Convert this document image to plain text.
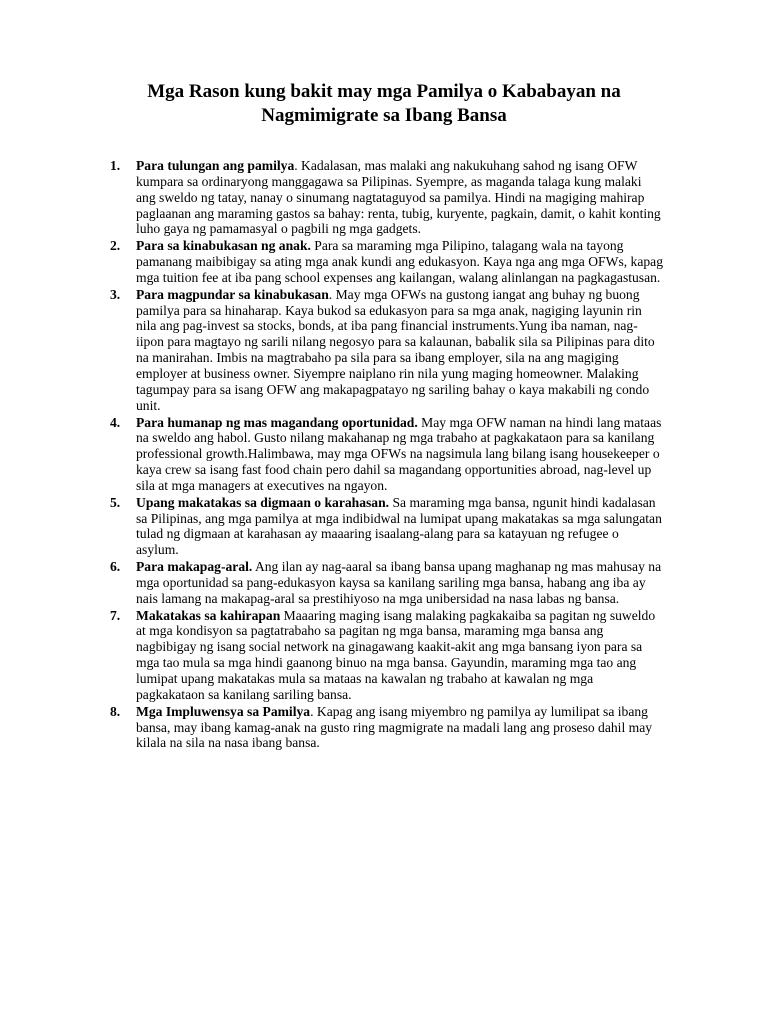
Mga Rason kung bakit may mga Pamilya o Kababayan na
Nagmimigrate sa Ibang Bansa
1. Para tulungan ang pamilya. Kadalasan, mas malaki ang nakukuhang sahod ng isang OFW kumpara sa ordinaryong manggagawa sa Pilipinas. Syempre, as maganda talaga kung malaki ang sweldo ng tatay, nanay o sinumang nagtataguyod sa pamilya. Hindi na magiging mahirap paglaanan ang maraming gastos sa bahay: renta, tubig, kuryente, pagkain, damit, o kahit konting luho gaya ng pamamasyal o pagbili ng mga gadgets.
2. Para sa kinabukasan ng anak. Para sa maraming mga Pilipino, talagang wala na tayong pamanang maibibigay sa ating mga anak kundi ang edukasyon. Kaya nga ang mga OFWs, kapag mga tuition fee at iba pang school expenses ang kailangan, walang alinlangan na pagkagastusan.
3. Para magpundar sa kinabukasan. May mga OFWs na gustong iangat ang buhay ng buong pamilya para sa hinaharap. Kaya bukod sa edukasyon para sa mga anak, nagiging layunin rin nila ang pag-invest sa stocks, bonds, at iba pang financial instruments.Yung iba naman, nag-iipon para magtayo ng sarili nilang negosyo para sa kalaunan, babalik sila sa Pilipinas para dito na manirahan. Imbis na magtrabaho pa sila para sa ibang employer, sila na ang magiging employer at business owner. Siyempre naiplano rin nila yung maging homeowner. Malaking tagumpay para sa isang OFW ang makapagpatayo ng sariling bahay o kaya makabili ng condo unit.
4. Para humanap ng mas magandang oportunidad. May mga OFW naman na hindi lang mataas na sweldo ang habol. Gusto nilang makahanap ng mga trabaho at pagkakataon para sa kanilang professional growth.Halimbawa, may mga OFWs na nagsimula lang bilang isang housekeeper o kaya crew sa isang fast food chain pero dahil sa magandang opportunities abroad, nag-level up sila at mga managers at executives na ngayon.
5. Upang makatakas sa digmaan o karahasan. Sa maraming mga bansa, ngunit hindi kadalasan sa Pilipinas, ang mga pamilya at mga indibidwal na lumipat upang makatakas sa mga salungatan tulad ng digmaan at karahasan ay maaaring isaalang-alang para sa katayuan ng refugee o asylum.
6. Para makapag-aral. Ang ilan ay nag-aaral sa ibang bansa upang maghanap ng mas mahusay na mga oportunidad sa pang-edukasyon kaysa sa kanilang sariling mga bansa, habang ang iba ay nais lamang na makapag-aral sa prestihiyoso na mga unibersidad na nasa labas ng bansa.
7. Makatakas sa kahirapan Maaaring maging isang malaking pagkakaiba sa pagitan ng suweldo at mga kondisyon sa pagtatrabaho sa pagitan ng mga bansa, maraming mga bansa ang nagbibigay ng isang social network na ginagawang kaakit-akit ang mga bansang iyon para sa mga tao mula sa mga hindi gaanong binuo na mga bansa. Gayundin, maraming mga tao ang lumipat upang makatakas mula sa mataas na kawalan ng trabaho at kawalan ng mga pagkakataon sa kanilang sariling bansa.
8. Mga Impluwensya sa Pamilya. Kapag ang isang miyembro ng pamilya ay lumilipat sa ibang bansa, may ibang kamag-anak na gusto ring magmigrate na madali lang ang proseso dahil may kilala na sila na nasa ibang bansa.
